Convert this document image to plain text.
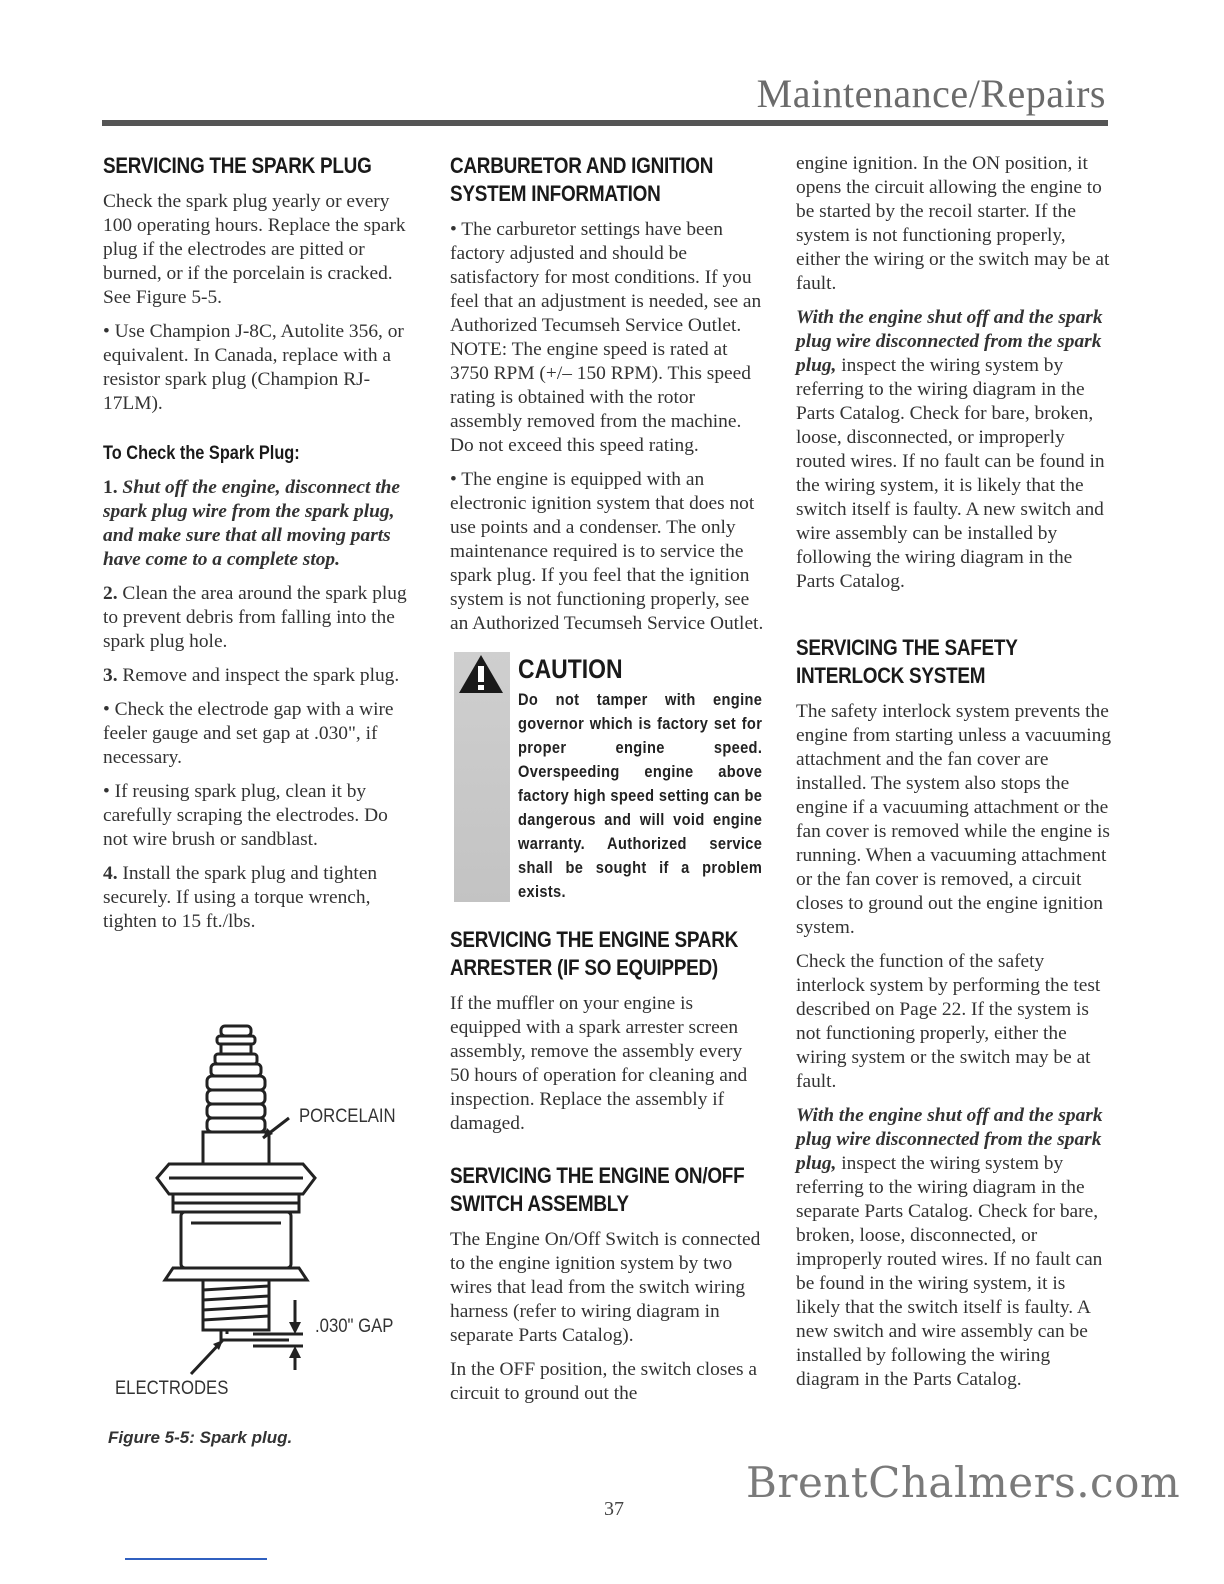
Maintenance/Repairs
SERVICING THE SPARK PLUG

Check the spark plug yearly or every 100 operating hours. Replace the spark plug if the electrodes are pitted or burned, or if the porcelain is cracked. See Figure 5-5.

• Use Champion J-8C, Autolite 356, or equivalent. In Canada, replace with a resistor spark plug (Champion RJ-17LM).

To Check the Spark Plug:

1. Shut off the engine, disconnect the spark plug wire from the spark plug, and make sure that all moving parts have come to a complete stop.

2. Clean the area around the spark plug to prevent debris from falling into the spark plug hole.

3. Remove and inspect the spark plug.

• Check the electrode gap with a wire feeler gauge and set gap at .030", if necessary.

• If reusing spark plug, clean it by carefully scraping the electrodes. Do not wire brush or sandblast.

4. Install the spark plug and tighten securely. If using a torque wrench, tighten to 15 ft./lbs.

PORCELAIN
.030" GAP
ELECTRODES
Figure 5-5: Spark plug.
CARBURETOR AND IGNITION SYSTEM INFORMATION

• The carburetor settings have been factory adjusted and should be satisfactory for most conditions. If you feel that an adjustment is needed, see an Authorized Tecumseh Service Outlet. NOTE: The engine speed is rated at 3750 RPM (+/– 150 RPM). This speed rating is obtained with the rotor assembly removed from the machine. Do not exceed this speed rating.

• The engine is equipped with an electronic ignition system that does not use points and a condenser. The only maintenance required is to service the spark plug. If you feel that the ignition system is not functioning properly, see an Authorized Tecumseh Service Outlet.

CAUTION
Do not tamper with engine governor which is factory set for proper engine speed. Overspeeding engine above factory high speed setting can be dangerous and will void engine warranty. Authorized service shall be sought if a problem exists.
SERVICING THE ENGINE SPARK ARRESTER (IF SO EQUIPPED)

If the muffler on your engine is equipped with a spark arrester screen assembly, remove the assembly every 50 hours of operation for cleaning and inspection. Replace the assembly if damaged.

SERVICING THE ENGINE ON/OFF SWITCH ASSEMBLY

The Engine On/Off Switch is connected to the engine ignition system by two wires that lead from the switch wiring harness (refer to wiring diagram in separate Parts Catalog).

In the OFF position, the switch closes a circuit to ground out the

engine ignition. In the ON position, it opens the circuit allowing the engine to be started by the recoil starter. If the system is not functioning properly, either the wiring or the switch may be at fault.

With the engine shut off and the spark plug wire disconnected from the spark plug, inspect the wiring system by referring to the wiring diagram in the Parts Catalog. Check for bare, broken, loose, disconnected, or improperly routed wires. If no fault can be found in the wiring system, it is likely that the switch itself is faulty. A new switch and wire assembly can be installed by following the wiring diagram in the Parts Catalog.

SERVICING THE SAFETY INTERLOCK SYSTEM

The safety interlock system prevents the engine from starting unless a vacuuming attachment and the fan cover are installed. The system also stops the engine if a vacuuming attachment or the fan cover is removed while the engine is running. When a vacuuming attachment or the fan cover is removed, a circuit closes to ground out the engine ignition system.

Check the function of the safety interlock system by performing the test described on Page 22. If the system is not functioning properly, either the wiring system or the switch may be at fault.

With the engine shut off and the spark plug wire disconnected from the spark plug, inspect the wiring system by referring to the wiring diagram in the separate Parts Catalog. Check for bare, broken, loose, disconnected, or improperly routed wires. If no fault can be found in the wiring system, it is likely that the switch itself is faulty. A new switch and wire assembly can be installed by following the wiring diagram in the Parts Catalog.

BrentChalmers.com
37
